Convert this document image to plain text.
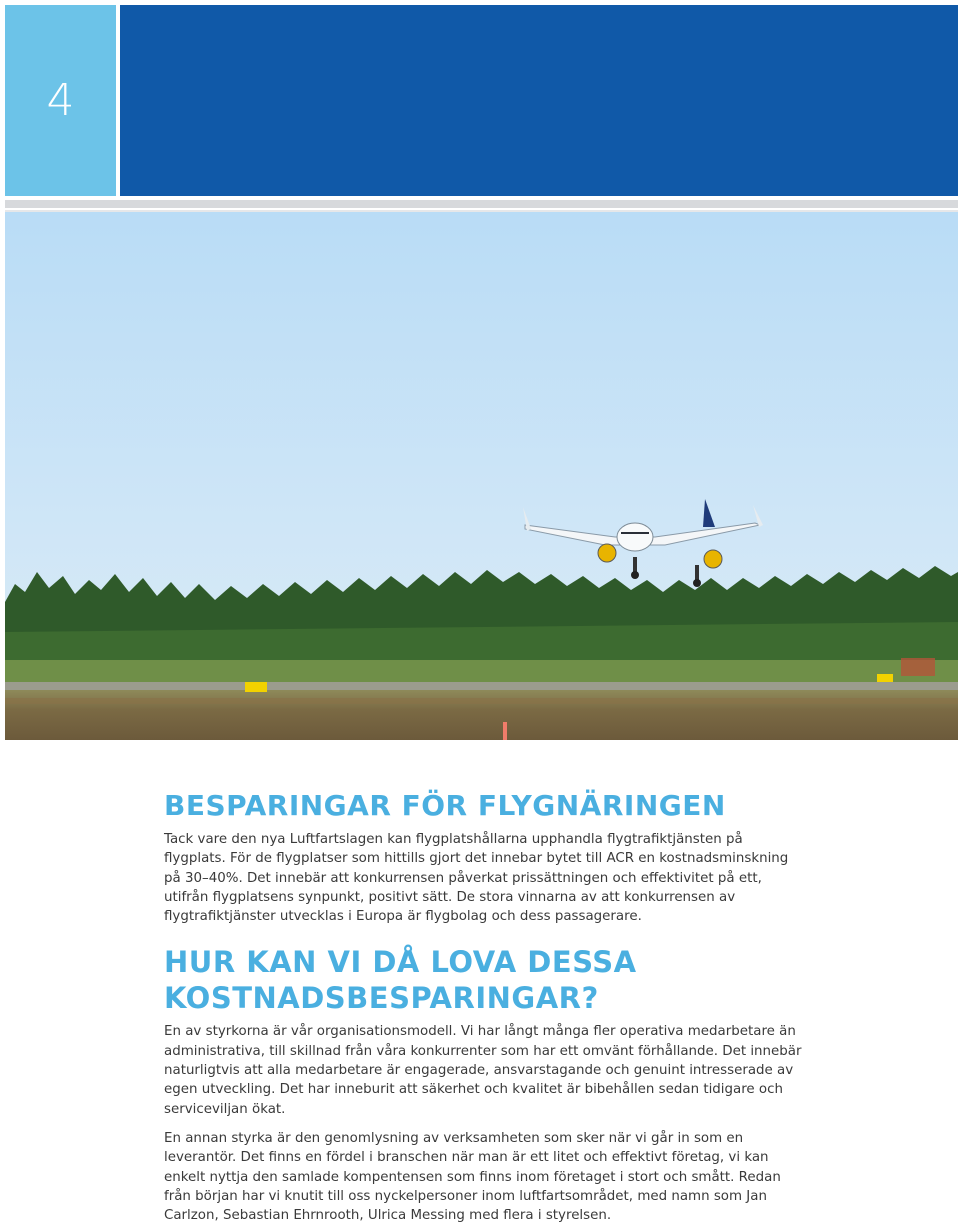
4
BESPARINGAR FÖR FLYGNÄRINGEN

Tack vare den nya Luftfartslagen kan flygplatshållarna upphandla flygtrafiktjänsten på flygplats. För de flygplatser som hittills gjort det innebar bytet till ACR en kostnadsminskning på 30–40%. Det innebär att konkurrensen påverkat prissättningen och effektivitet på ett, utifrån flygplatsens synpunkt, positivt sätt. De stora vinnarna av att konkurrensen av flygtrafiktjänster utvecklas i Europa är flygbolag och dess passagerare.

HUR KAN VI DÅ LOVA DESSA KOSTNADSBESPARINGAR?

En av styrkorna är vår organisationsmodell. Vi har långt många fler operativa medarbetare än administrativa, till skillnad från våra konkurrenter som har ett omvänt förhållande. Det innebär naturligtvis att alla medarbetare är engagerade, ansvarstagande och genuint intresserade av egen utveckling. Det har inneburit att säkerhet och kvalitet är bibehållen sedan tidigare och serviceviljan ökat.

En annan styrka är den genomlysning av verksamheten som sker när vi går in som en leverantör. Det finns en fördel i branschen när man är ett litet och effektivt företag, vi kan enkelt nyttja den samlade kompentensen som finns inom företaget i stort och smått. Redan från början har vi knutit till oss nyckelpersoner inom luftfartsområdet, med namn som Jan Carlzon, Sebastian Ehrnrooth, Ulrica Messing med flera i styrelsen.
